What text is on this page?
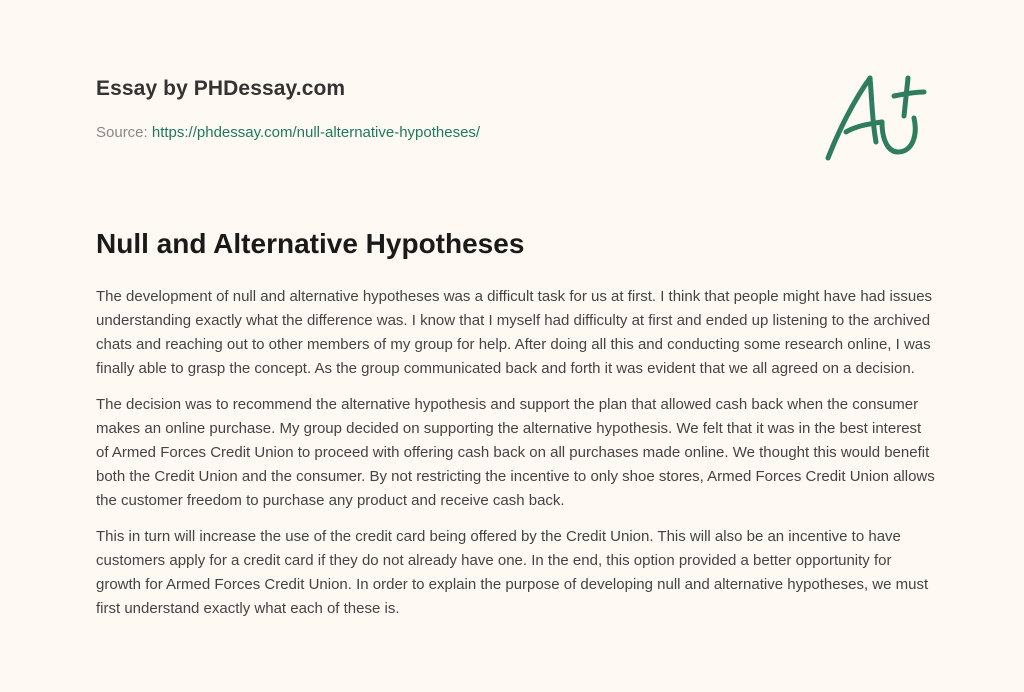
Essay by PHDessay.com
Source: https://phdessay.com/null-alternative-hypotheses/
Null and Alternative Hypotheses

The development of null and alternative hypotheses was a difficult task for us at first. I think that people might have had issues understanding exactly what the difference was. I know that I myself had difficulty at first and ended up listening to the archived chats and reaching out to other members of my group for help. After doing all this and conducting some research online, I was finally able to grasp the concept. As the group communicated back and forth it was evident that we all agreed on a decision.

The decision was to recommend the alternative hypothesis and support the plan that allowed cash back when the consumer makes an online purchase. My group decided on supporting the alternative hypothesis. We felt that it was in the best interest of Armed Forces Credit Union to proceed with offering cash back on all purchases made online. We thought this would benefit both the Credit Union and the consumer. By not restricting the incentive to only shoe stores, Armed Forces Credit Union allows the customer freedom to purchase any product and receive cash back.

This in turn will increase the use of the credit card being offered by the Credit Union. This will also be an incentive to have customers apply for a credit card if they do not already have one. In the end, this option provided a better opportunity for growth for Armed Forces Credit Union. In order to explain the purpose of developing null and alternative hypotheses, we must first understand exactly what each of these is.
